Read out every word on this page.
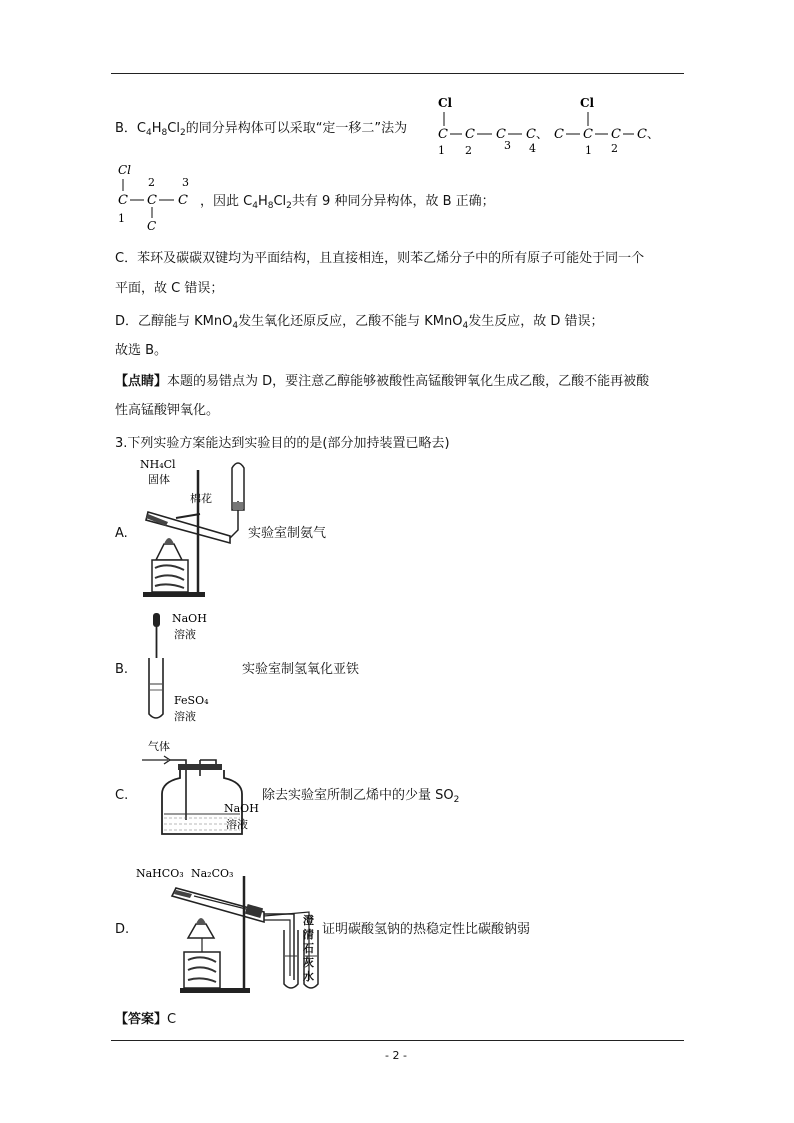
B．$C_4H_8Cl_2$的同分异构体可以采取“定一移二”法为
Cl
C C C C 、
1 2	3 4
C
Cl
C C C 、
1 2
Cl
C
2
C
3
C
C
1
，因此 $C_4H_8Cl_2$共有 9 种同分异构体，故 B 正确；
C．苯环及碳碳双键均为平面结构，且直接相连，则苯乙烯分子中的所有原子可能处于同一个
平面，故 C 错误；
D．乙醇能与 KMnO$_4$发生氧化还原反应，乙酸不能与 KMnO$_4$发生反应，故 D 错误；
故选 B。
【点睛】本题的易错点为 D，要注意乙醇能够被酸性高锰酸钾氧化生成乙酸，乙酸不能再被酸
性高锰酸钾氧化。
3.下列实验方案能达到实验目的的是(部分加持装置已略去)
A.
NH₄Cl
固体
棉花
实验室制氨气
B.
NaOH
溶液
FeSO₄
溶液
实验室制氢氧化亚铁
C.
气体
NaOH
溶液
除去实验室所制乙烯中的少量 $SO_2$
D.
NaHCO₃ Na₂CO₃
澄清石灰水
证明碳酸氢钠的热稳定性比碳酸钠弱
【答案】C
- 2 -
